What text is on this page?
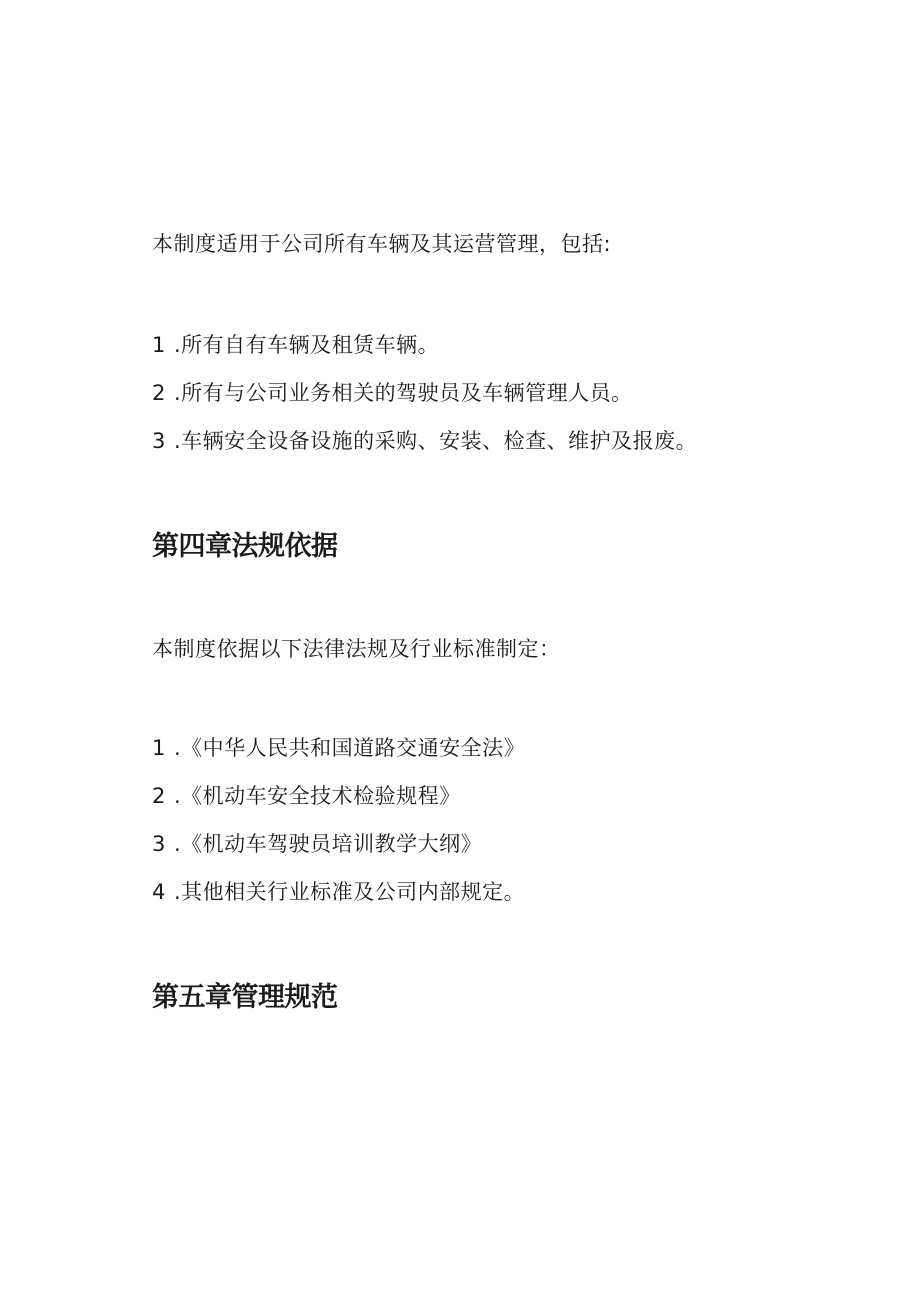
本制度适用于公司所有车辆及其运营管理，包括:

1 .所有自有车辆及租赁车辆。
2 .所有与公司业务相关的驾驶员及车辆管理人员。
3 .车辆安全设备设施的采购、安装、检查、维护及报废。
第四章法规依据

本制度依据以下法律法规及行业标准制定：

1 .《中华人民共和国道路交通安全法》
2 .《机动车安全技术检验规程》
3 .《机动车驾驶员培训教学大纲》
4 .其他相关行业标准及公司内部规定。
第五章管理规范
